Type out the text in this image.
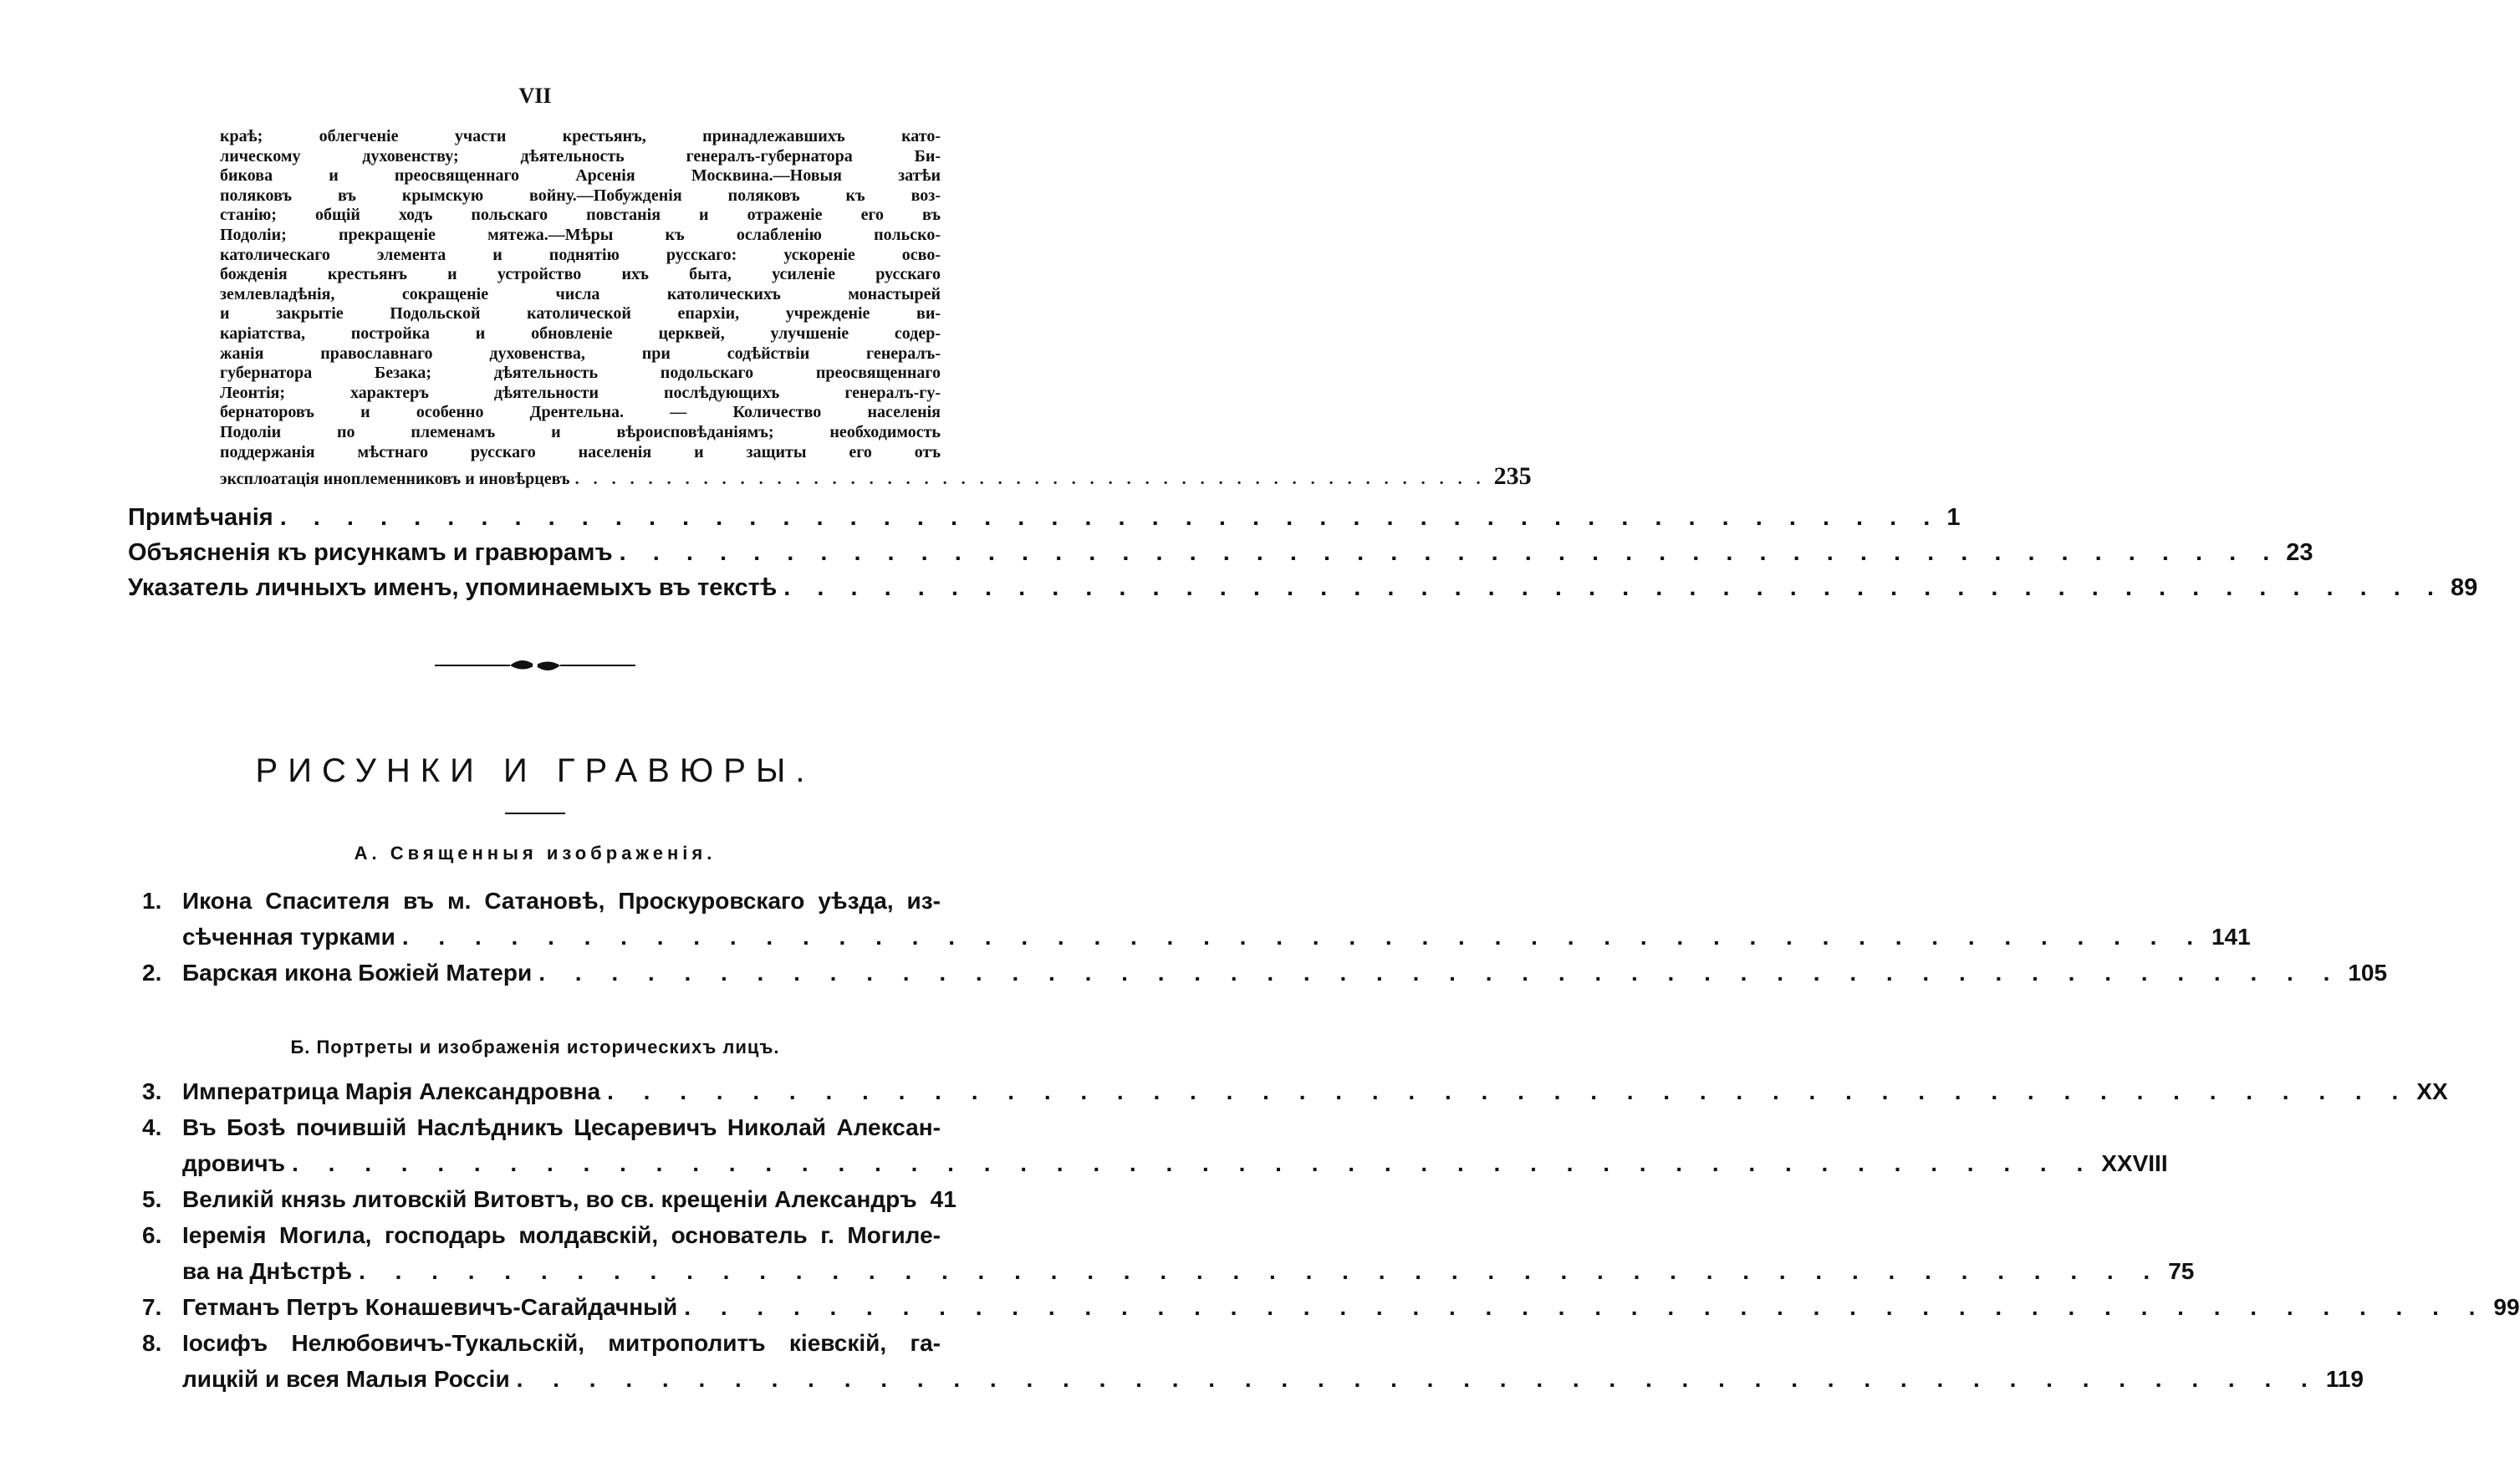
VII
краѣ; облегченіе участи крестьянъ, принадлежавшихъ като-
лическому духовенству; дѣятельность генералъ-губернатора Би-
бикова и преосвященнаго Арсенія Москвина.—Новыя затѣи
поляковъ въ крымскую войну.—Побужденія поляковъ къ воз-
станію; общій ходъ польскаго повстанія и отраженіе его въ
Подоліи; прекращеніе мятежа.—Мѣры къ ослабленію польско-
католическаго элемента и поднятію русскаго: ускореніе осво-
божденія крестьянъ и устройство ихъ быта, усиленіе русскаго
землевладѣнія, сокращеніе числа католическихъ монастырей
и закрытіе Подольской католической епархіи, учрежденіе ви-
каріатства, постройка и обновленіе церквей, улучшеніе содер-
жанія православнаго духовенства, при содѣйствіи генералъ-
губернатора Безака; дѣятельность подольскаго преосвященнаго
Леонтія; характеръ дѣятельности послѣдующихъ генералъ-гу-
бернаторовъ и особенно Дрентельна. — Количество населенія
Подоліи по племенамъ и вѣроисповѣданіямъ; необходимость
поддержанія мѣстнаго русскаго населенія и защиты его отъ
эксплоатація иноплеменниковъ и иновѣрцевъ . . . . . . . . . . . . . . . . . . . . . . . . . . . . . . . . . . . . . . . . . . . . . . . . . . 235
Примѣчанія . . . . . . . . . . . . . . . . . . . . . . . . . . . . . . . . . . . . . . . . . . . . . . . . . . 1
Объясненія къ рисункамъ и гравюрамъ . . . . . . . . . . . . . . . . . . . . . . . . . . . . . . . . . . . . . . . . . . . . . . . . . . 23
Указатель личныхъ именъ, упоминаемыхъ въ текстѣ . . . . . . . . . . . . . . . . . . . . . . . . . . . . . . . . . . . . . . . . . . . . . . . . . . 89
РИСУНКИ И ГРАВЮРЫ.
А. Священныя изображенія.
1. Икона Спасителя въ м. Сатановѣ, Проскуровскаго уѣзда, из-
сѣченная турками . . . . . . . . . . . . . . . . . . . . . . . . . . . . . . . . . . . . . . . . . . . . . . . . . . 141
2. Барская икона Божіей Матери . . . . . . . . . . . . . . . . . . . . . . . . . . . . . . . . . . . . . . . . . . . . . . . . . . 105
Б. Портреты и изображенія историческихъ лицъ.
3. Императрица Марія Александровна . . . . . . . . . . . . . . . . . . . . . . . . . . . . . . . . . . . . . . . . . . . . . . . . . . XX
4. Въ Бозѣ почившій Наслѣдникъ Цесаревичъ Николай Алексан-
дровичъ . . . . . . . . . . . . . . . . . . . . . . . . . . . . . . . . . . . . . . . . . . . . . . . . . . XXVIII
5. Великій князь литовскій Витовтъ, во св. крещеніи Александръ 41
6. Іеремія Могила, господарь молдавскій, основатель г. Могиле-
ва на Днѣстрѣ . . . . . . . . . . . . . . . . . . . . . . . . . . . . . . . . . . . . . . . . . . . . . . . . . . 75
7. Гетманъ Петръ Конашевичъ-Сагайдачный . . . . . . . . . . . . . . . . . . . . . . . . . . . . . . . . . . . . . . . . . . . . . . . . . . 99
8. Іосифъ Нелюбовичъ-Тукальскій, митрополитъ кіевскій, га-
лицкій и всея Малыя Россіи . . . . . . . . . . . . . . . . . . . . . . . . . . . . . . . . . . . . . . . . . . . . . . . . . . 119
